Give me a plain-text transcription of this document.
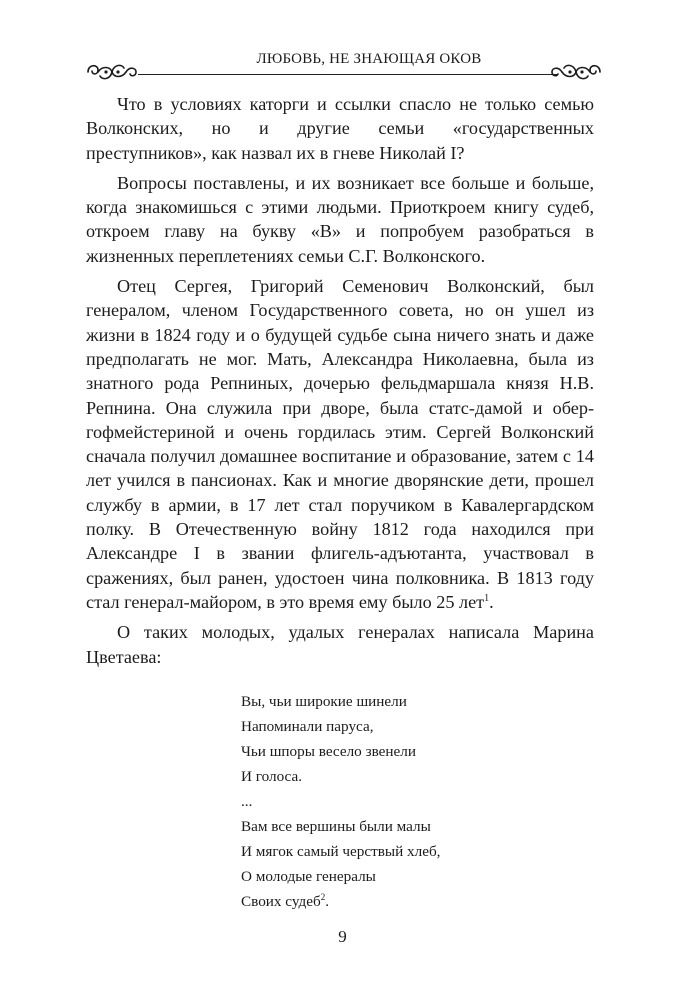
ЛЮБОВЬ, НЕ ЗНАЮЩАЯ ОКОВ

Что в условиях каторги и ссылки спасло не только семью Волконских, но и другие семьи «государственных преступников», как назвал их в гневе Николай I?

Вопросы поставлены, и их возникает все больше и больше, когда знакомишься с этими людьми. Приоткроем книгу судеб, откроем главу на букву «В» и попробуем разобраться в жизненных переплетениях семьи С.Г. Волконского.

Отец Сергея, Григорий Семенович Волконский, был генералом, членом Государственного совета, но он ушел из жизни в 1824 году и о будущей судьбе сына ничего знать и даже предполагать не мог. Мать, Александра Николаевна, была из знатного рода Репниных, дочерью фельдмаршала князя Н.В. Репнина. Она служила при дворе, была статс-дамой и обер-гофмейстериной и очень гордилась этим. Сергей Волконский сначала получил домашнее воспитание и образование, затем с 14 лет учился в пансионах. Как и многие дворянские дети, прошел службу в армии, в 17 лет стал поручиком в Кавалергардском полку. В Отечественную войну 1812 года находился при Александре I в звании флигель-адъютанта, участвовал в сражениях, был ранен, удостоен чина полковника. В 1813 году стал генерал-майором, в это время ему было 25 лет$^1$.

О таких молодых, удалых генералах написала Марина Цветаева:

Вы, чьи широкие шинели
Напоминали паруса,
Чьи шпоры весело звенели
И голоса.
...
Вам все вершины были малы
И мягок самый черствый хлеб,
О молодые генералы
Своих судеб$^2$.
9
